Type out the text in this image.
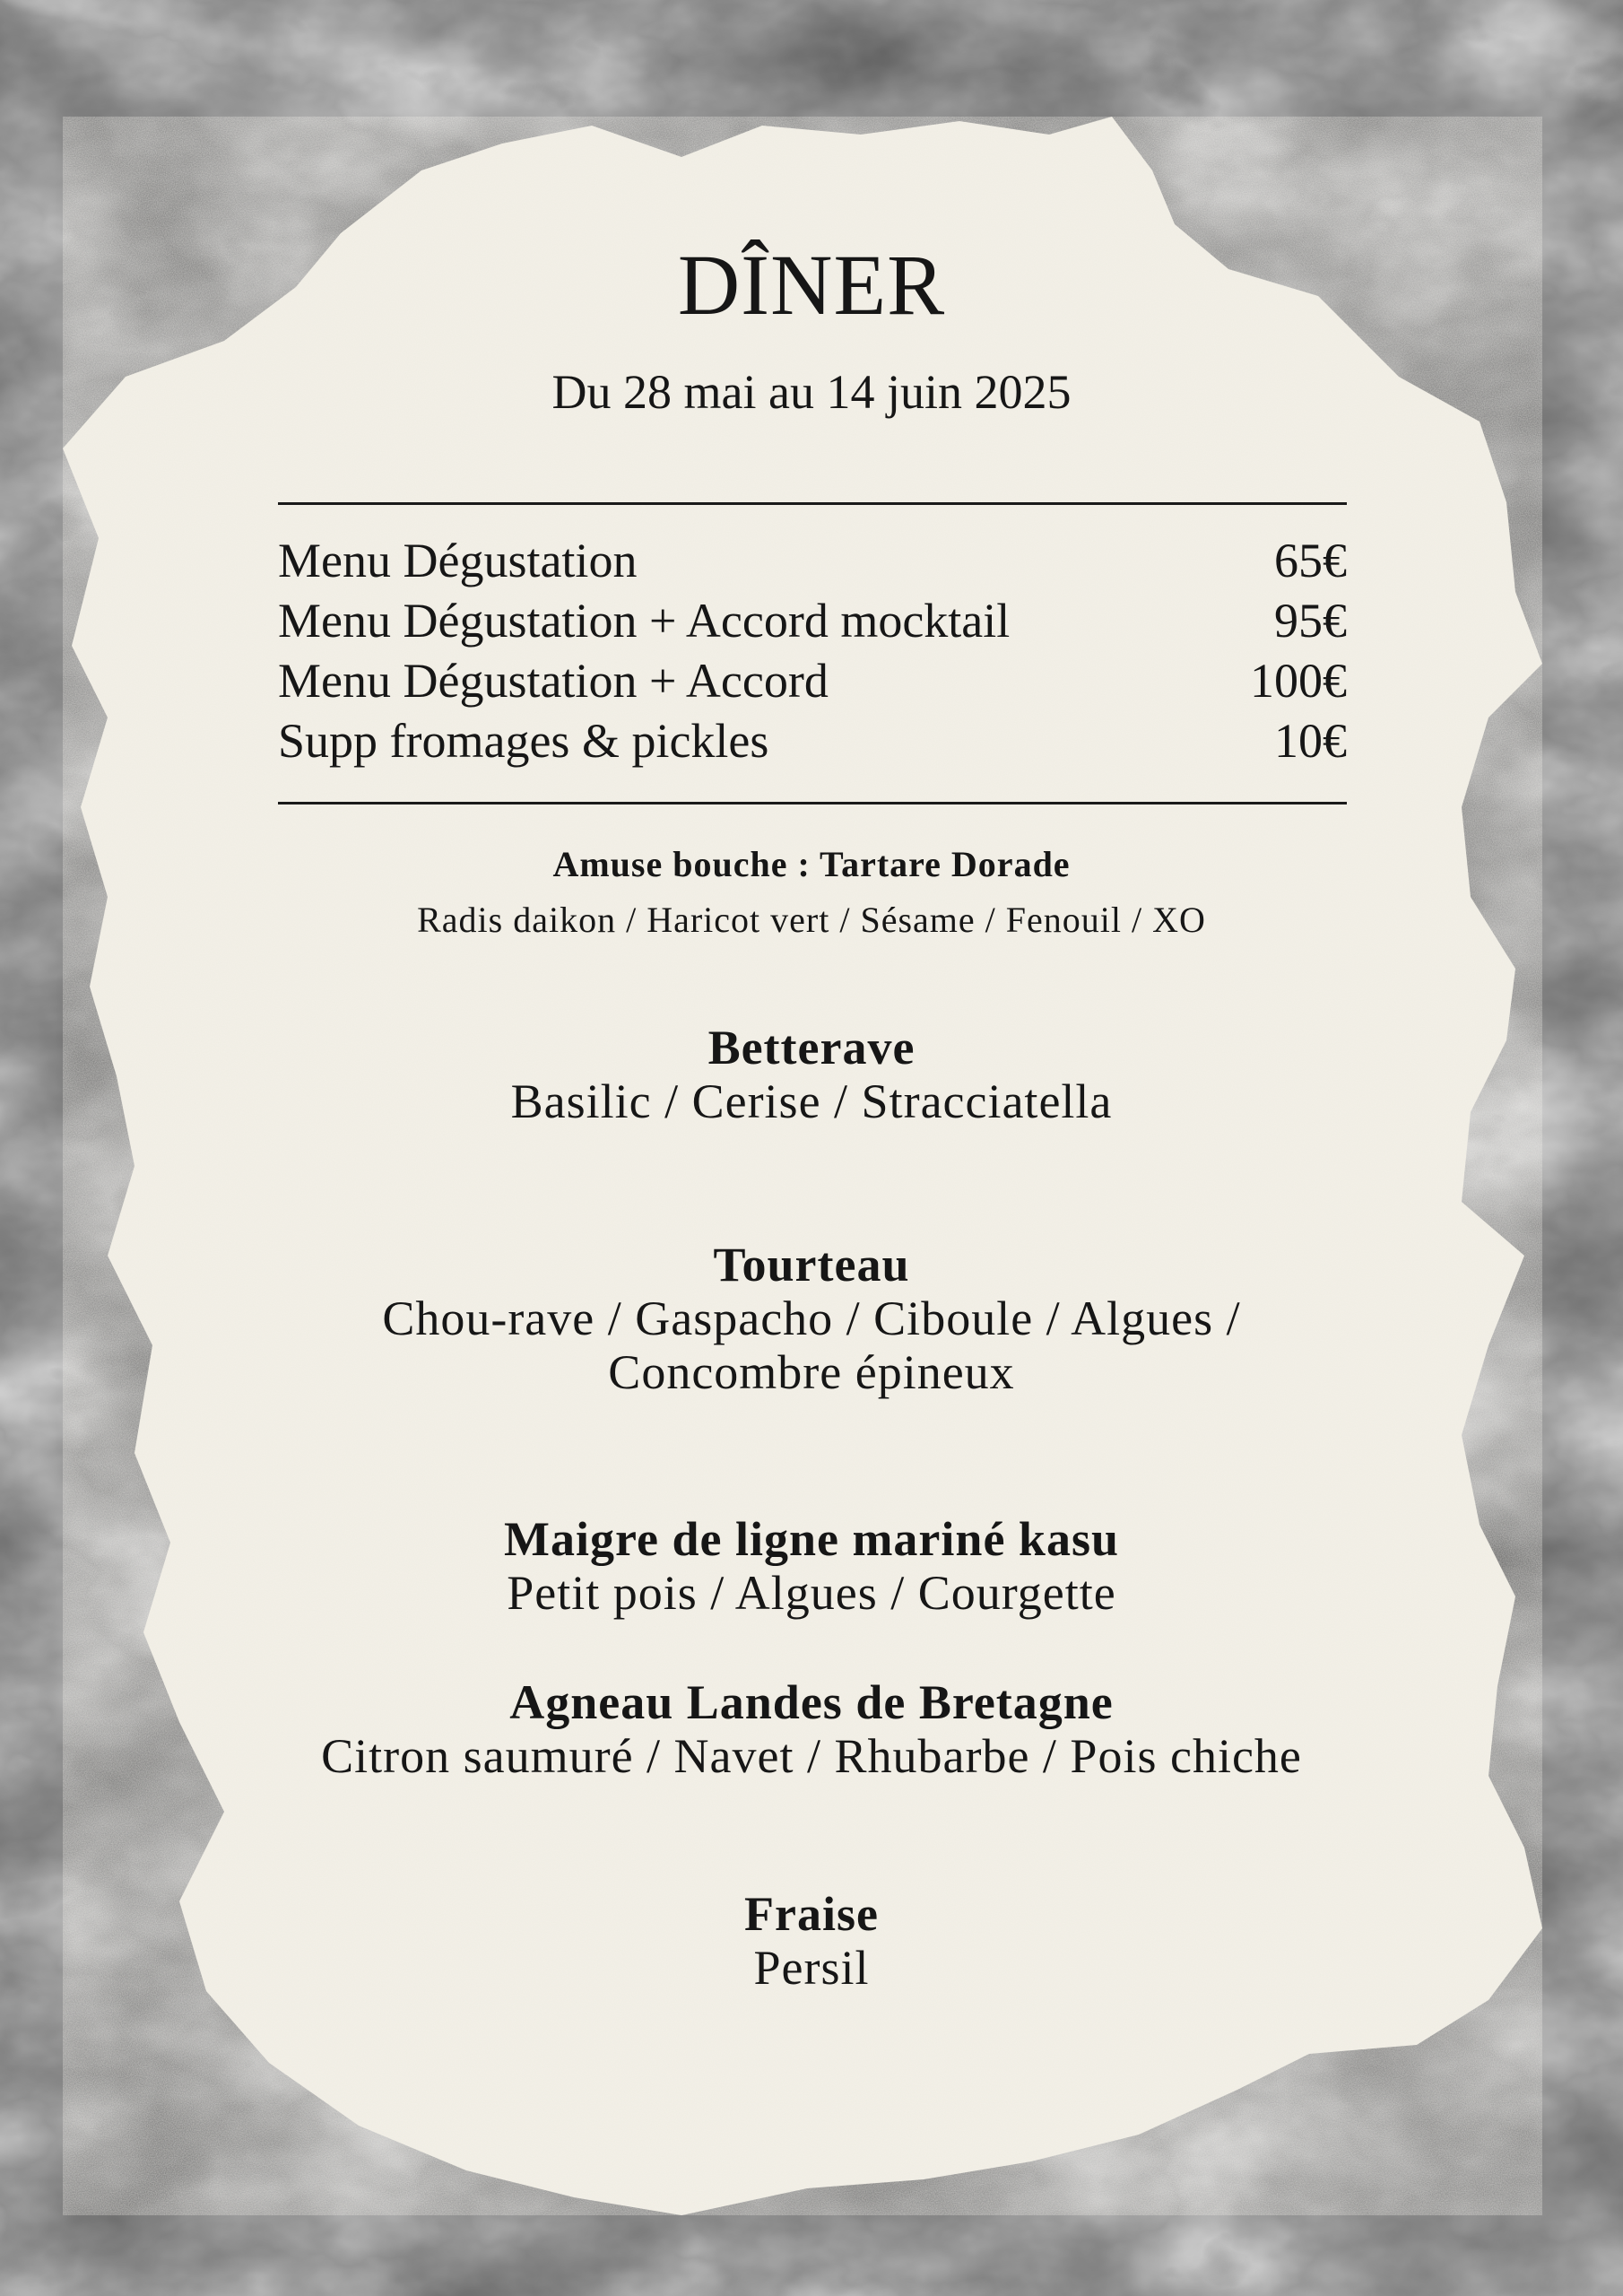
DÎNER
Du 28 mai au 14 juin 2025
Menu Dégustation	65€
Menu Dégustation + Accord mocktail	95€
Menu Dégustation + Accord	100€
Supp fromages & pickles	10€
Amuse bouche : Tartare Dorade
Radis daikon / Haricot vert / Sésame / Fenouil / XO
Betterave
Basilic / Cerise / Stracciatella
Tourteau
Chou-rave / Gaspacho / Ciboule / Algues /
Concombre épineux
Maigre de ligne mariné kasu
Petit pois / Algues / Courgette
Agneau Landes de Bretagne
Citron saumuré / Navet / Rhubarbe / Pois chiche
Fraise
Persil
